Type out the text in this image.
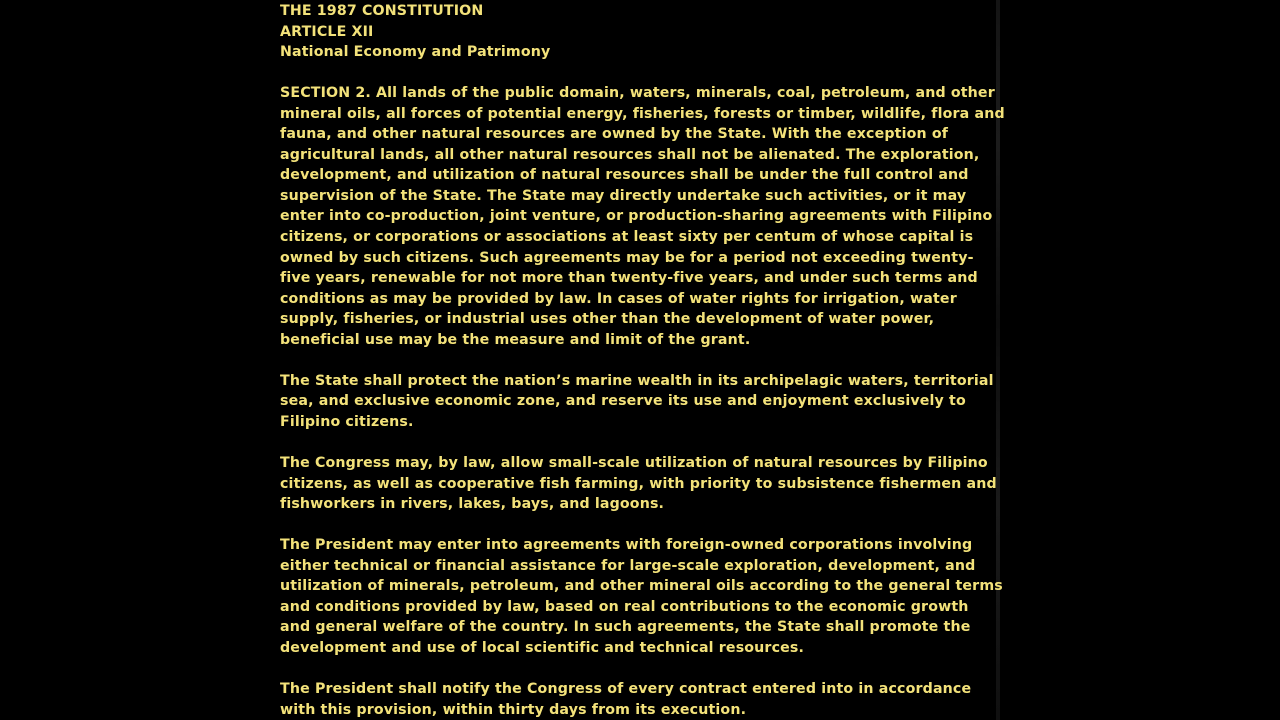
THE 1987 CONSTITUTION
ARTICLE XII
National Economy and Patrimony
SECTION 2. All lands of the public domain, waters, minerals, coal, petroleum, and other
mineral oils, all forces of potential energy, fisheries, forests or timber, wildlife, flora and
fauna, and other natural resources are owned by the State. With the exception of
agricultural lands, all other natural resources shall not be alienated. The exploration,
development, and utilization of natural resources shall be under the full control and
supervision of the State. The State may directly undertake such activities, or it may
enter into co-production, joint venture, or production-sharing agreements with Filipino
citizens, or corporations or associations at least sixty per centum of whose capital is
owned by such citizens. Such agreements may be for a period not exceeding twenty-
five years, renewable for not more than twenty-five years, and under such terms and
conditions as may be provided by law. In cases of water rights for irrigation, water
supply, fisheries, or industrial uses other than the development of water power,
beneficial use may be the measure and limit of the grant.
The State shall protect the nation’s marine wealth in its archipelagic waters, territorial
sea, and exclusive economic zone, and reserve its use and enjoyment exclusively to
Filipino citizens.
The Congress may, by law, allow small-scale utilization of natural resources by Filipino
citizens, as well as cooperative fish farming, with priority to subsistence fishermen and
fishworkers in rivers, lakes, bays, and lagoons.
The President may enter into agreements with foreign-owned corporations involving
either technical or financial assistance for large-scale exploration, development, and
utilization of minerals, petroleum, and other mineral oils according to the general terms
and conditions provided by law, based on real contributions to the economic growth
and general welfare of the country. In such agreements, the State shall promote the
development and use of local scientific and technical resources.
The President shall notify the Congress of every contract entered into in accordance
with this provision, within thirty days from its execution.
